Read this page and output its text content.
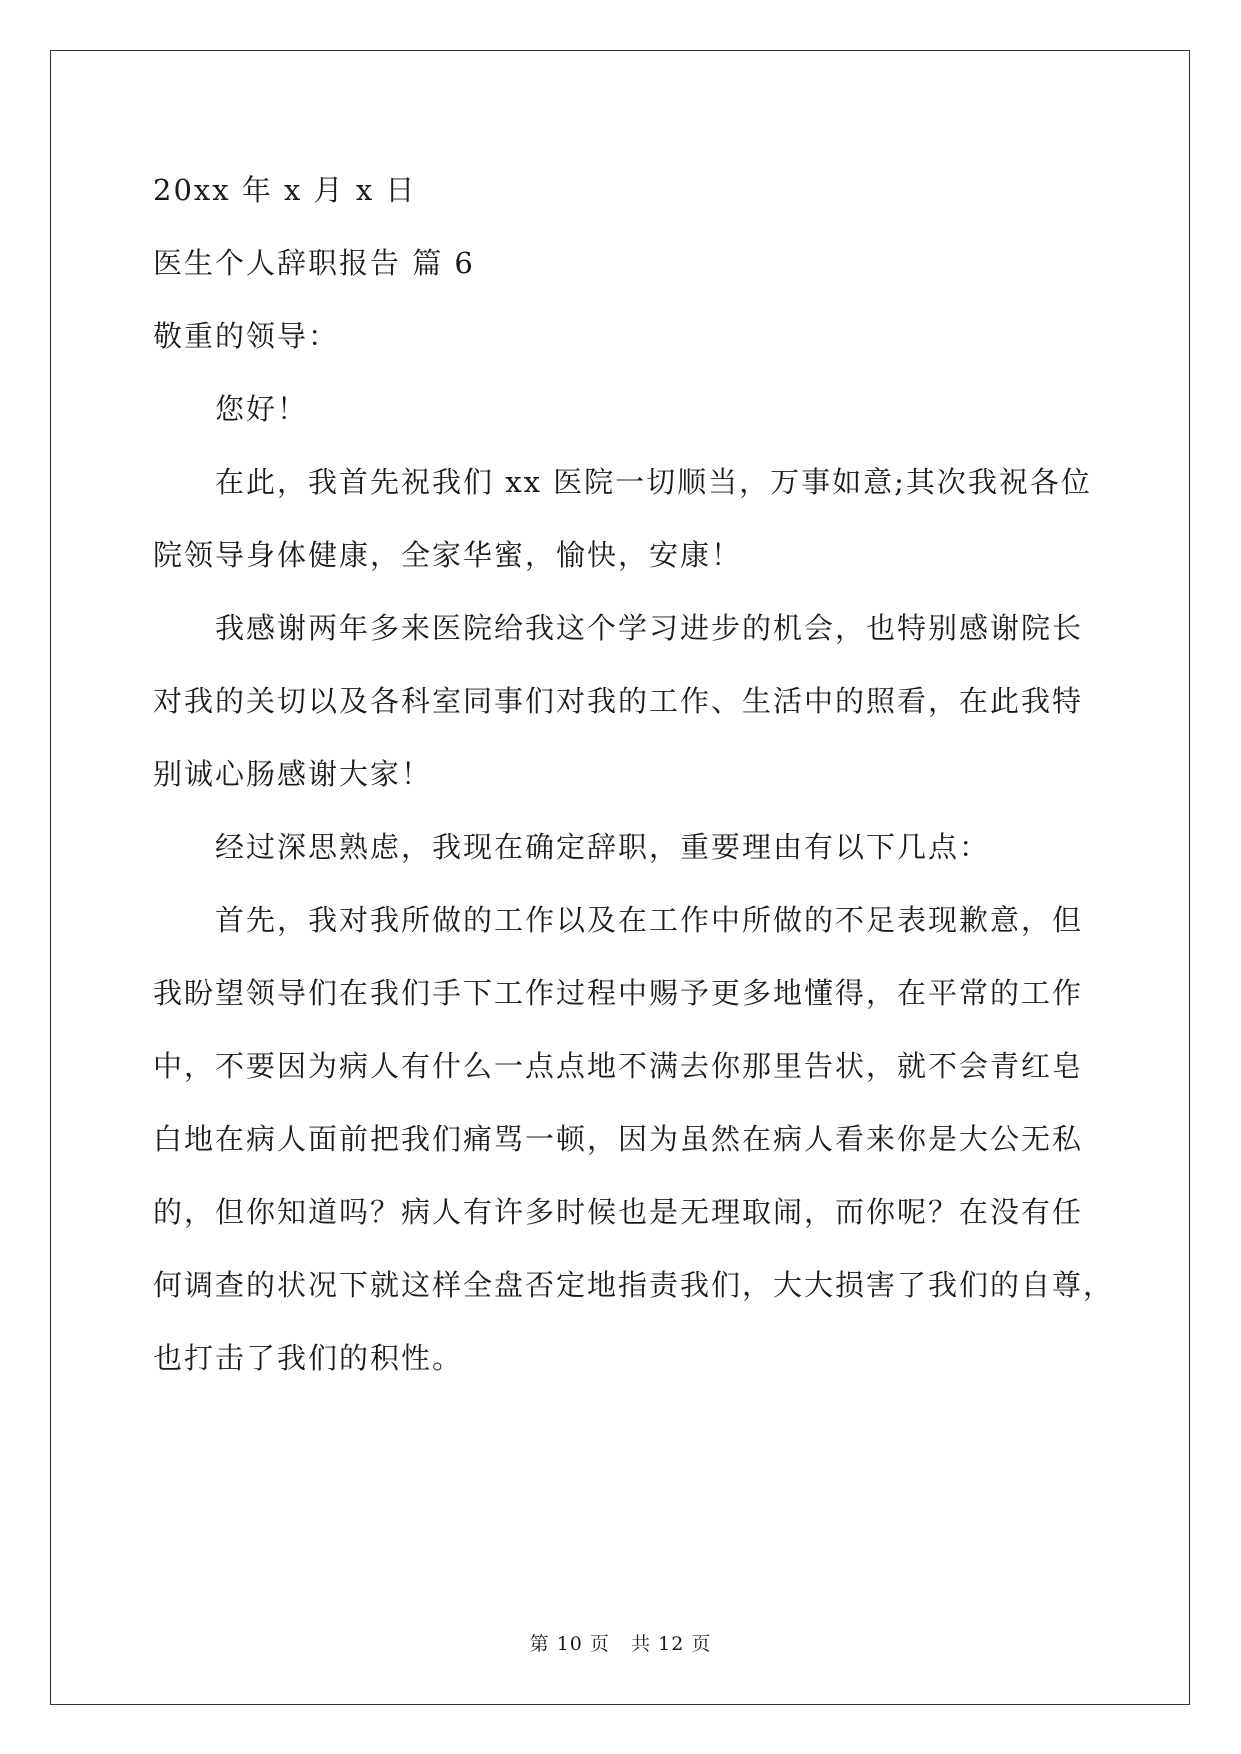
20xx 年 x 月 x 日
医生个人辞职报告 篇 6
敬重的领导：
您好！
在此，我首先祝我们 xx 医院一切顺当，万事如意;其次我祝各位
院领导身体健康，全家华蜜，愉快，安康！
我感谢两年多来医院给我这个学习进步的机会，也特别感谢院长
对我的关切以及各科室同事们对我的工作、生活中的照看，在此我特
别诚心肠感谢大家！
经过深思熟虑，我现在确定辞职，重要理由有以下几点：
首先，我对我所做的工作以及在工作中所做的不足表现歉意，但
我盼望领导们在我们手下工作过程中赐予更多地懂得，在平常的工作
中，不要因为病人有什么一点点地不满去你那里告状，就不会青红皂
白地在病人面前把我们痛骂一顿，因为虽然在病人看来你是大公无私
的，但你知道吗？病人有许多时候也是无理取闹，而你呢？在没有任
何调查的状况下就这样全盘否定地指责我们，大大损害了我们的自尊，
也打击了我们的积性。
第 10 页 共 12 页
